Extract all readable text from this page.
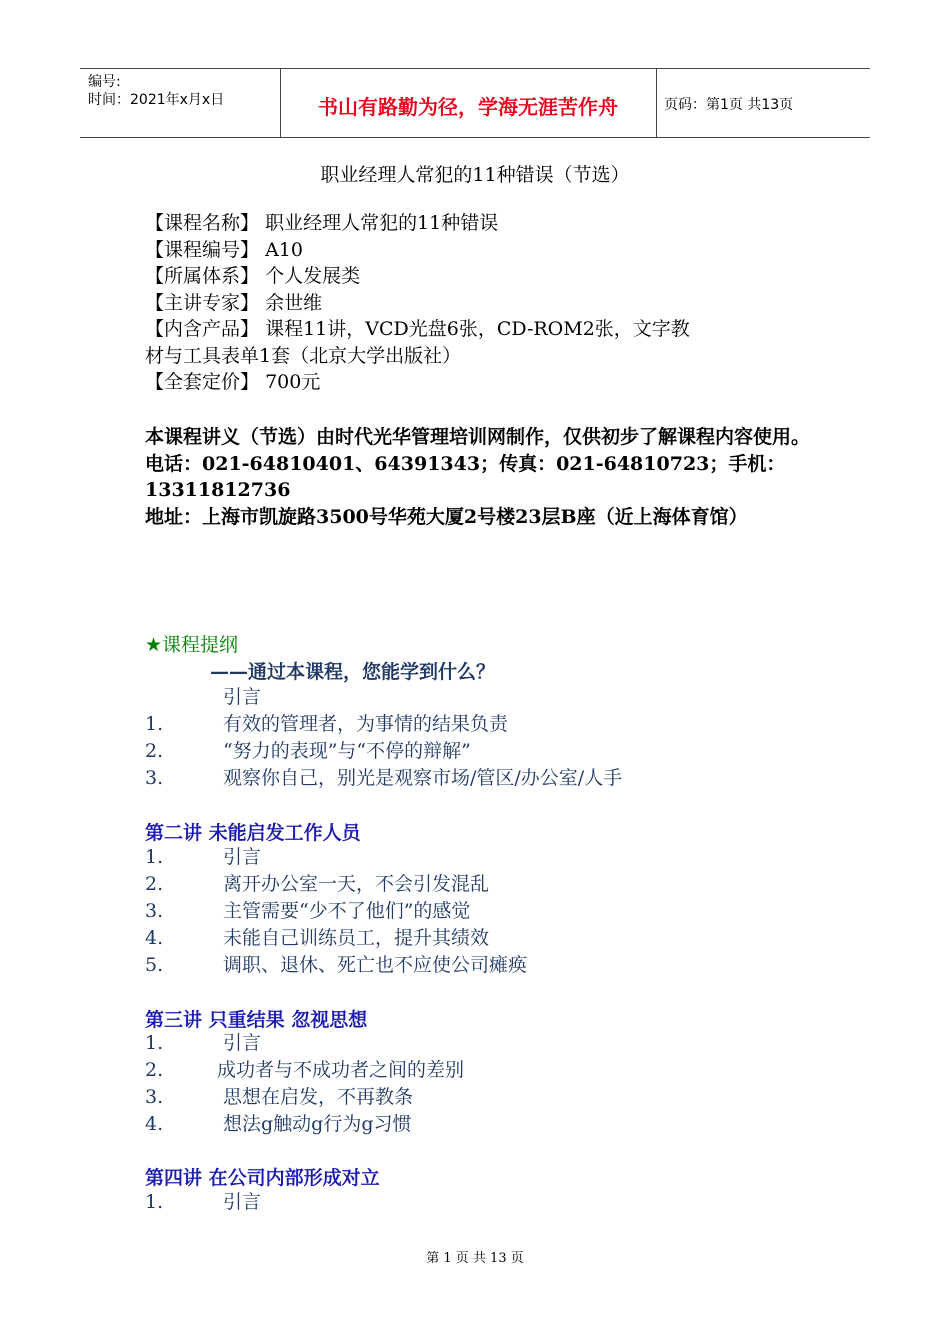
编号:
时间：2021年x月x日	书山有路勤为径，学海无涯苦作舟	页码：第1页 共13页
职业经理人常犯的11种错误（节选）
【课程名称】 职业经理人常犯的11种错误
【课程编号】 A10
【所属体系】 个人发展类
【主讲专家】 余世维
【内含产品】 课程11讲，VCD光盘6张，CD-ROM2张，文字教
材与工具表单1套（北京大学出版社）
【全套定价】 700元

本课程讲义（节选）由时代光华管理培训网制作，仅供初步了解课程内容使用。

电话：021-64810401、64391343；传真：021-64810723；手机：13311812736

地址：上海市凯旋路3500号华苑大厦2号楼23层B座（近上海体育馆）

★课程提纲
——通过本课程，您能学到什么？
引言
1.	有效的管理者，为事情的结果负责
2.	“努力的表现”与“不停的辩解”
3.	观察你自己，别光是观察市场/管区/办公室/人手
第二讲 未能启发工作人员
1.	引言
2.	离开办公室一天，不会引发混乱
3.	主管需要“少不了他们”的感觉
4.	未能自己训练员工，提升其绩效
5.	调职、退休、死亡也不应使公司瘫痪
第三讲 只重结果 忽视思想
1.	引言
2.	成功者与不成功者之间的差别
3.	思想在启发，不再教条
4.	想法g触动g行为g习惯
第四讲 在公司内部形成对立
1.	引言
第 1 页 共 13 页
